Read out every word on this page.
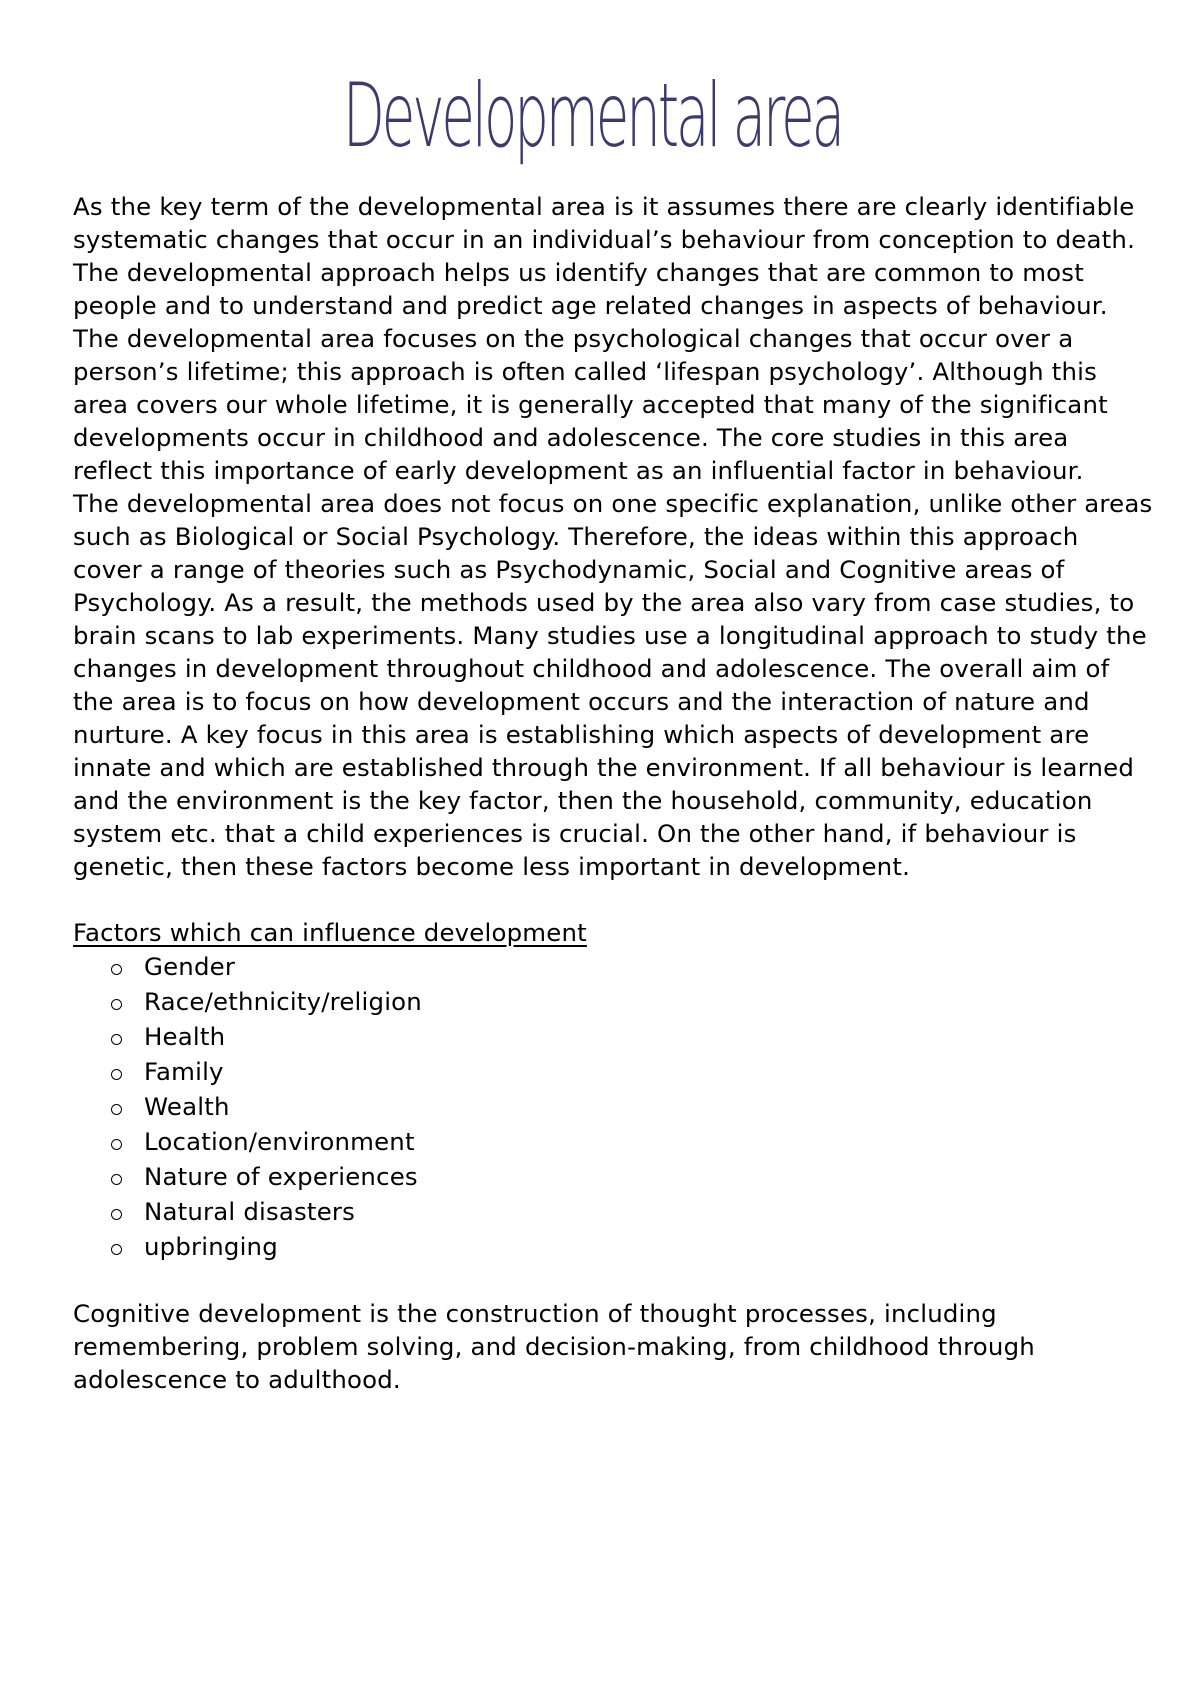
Developmental area

As the key term of the developmental area is it assumes there are clearly identifiable systematic changes that occur in an individual’s behaviour from conception to death.

The developmental approach helps us identify changes that are common to most people and to understand and predict age related changes in aspects of behaviour.

The developmental area focuses on the psychological changes that occur over a person’s lifetime; this approach is often called ‘lifespan psychology’. Although this area covers our whole lifetime, it is generally accepted that many of the significant developments occur in childhood and adolescence. The core studies in this area reflect this importance of early development as an influential factor in behaviour.

The developmental area does not focus on one specific explanation, unlike other areas such as Biological or Social Psychology. Therefore, the ideas within this approach cover a range of theories such as Psychodynamic, Social and Cognitive areas of Psychology. As a result, the methods used by the area also vary from case studies, to brain scans to lab experiments. Many studies use a longitudinal approach to study the changes in development throughout childhood and adolescence. The overall aim of the area is to focus on how development occurs and the interaction of nature and nurture. A key focus in this area is establishing which aspects of development are innate and which are established through the environment. If all behaviour is learned and the environment is the key factor, then the household, community, education system etc. that a child experiences is crucial. On the other hand, if behaviour is genetic, then these factors become less important in development.

Factors which can influence development

Gender
Race/ethnicity/religion
Health
Family
Wealth
Location/environment
Nature of experiences
Natural disasters
upbringing

Cognitive development is the construction of thought processes, including remembering, problem solving, and decision-making, from childhood through adolescence to adulthood.
